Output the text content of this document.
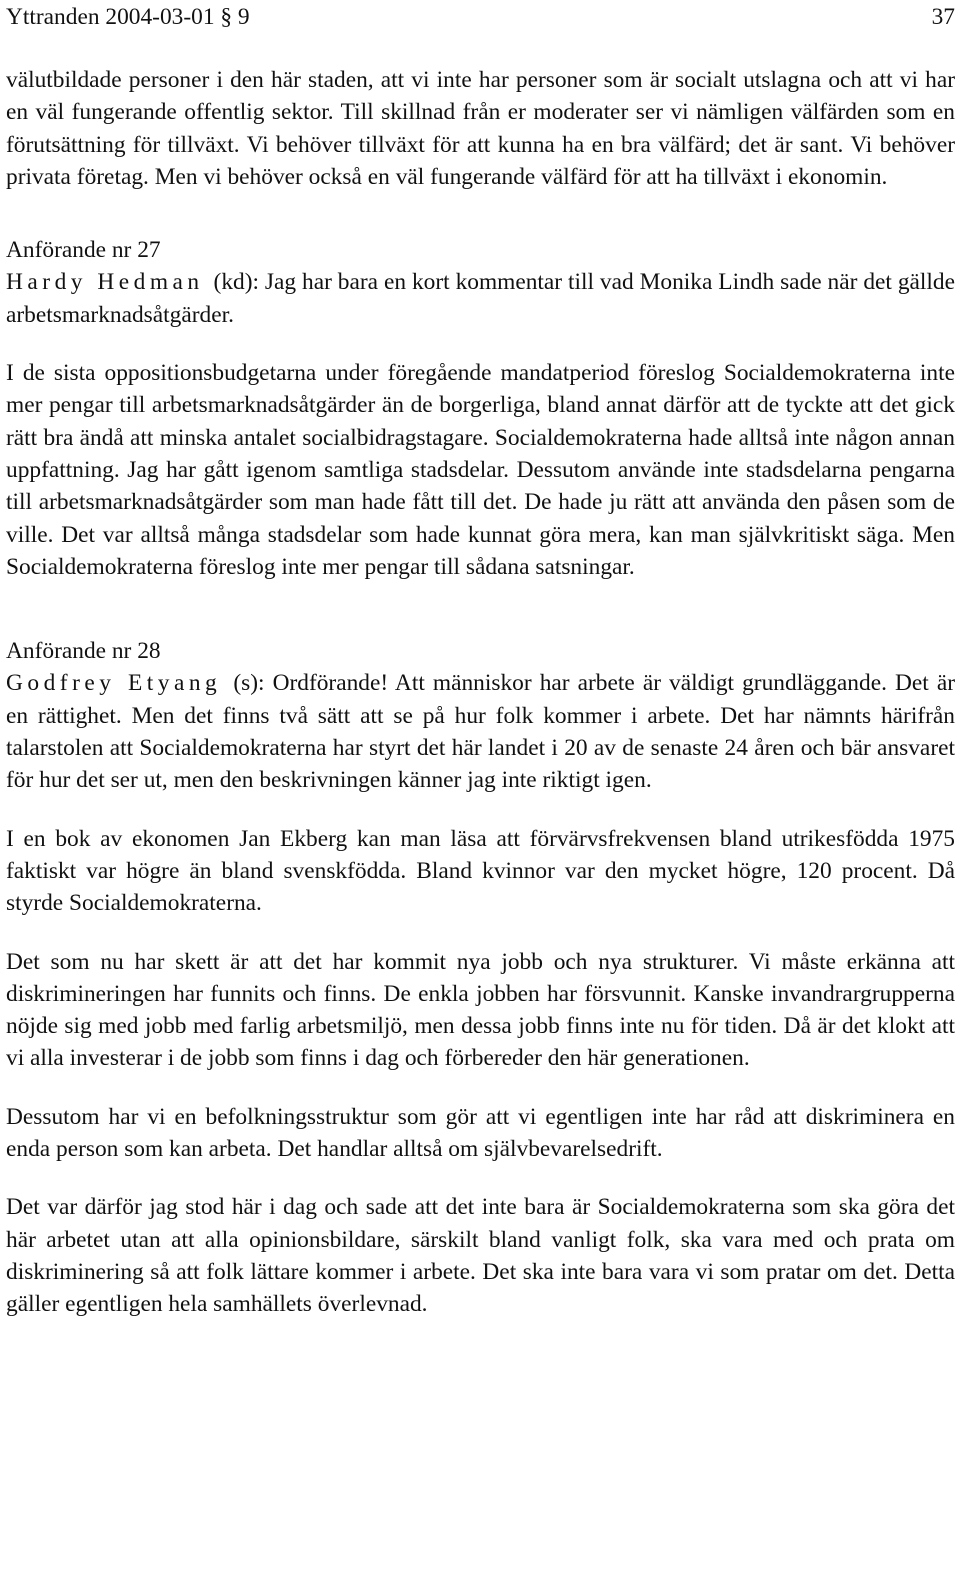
Yttranden 2004-03-01 § 9	37

välutbildade personer i den här staden, att vi inte har personer som är socialt utslagna och att vi har en väl fungerande offentlig sektor. Till skillnad från er moderater ser vi nämligen välfärden som en förutsättning för tillväxt. Vi behöver tillväxt för att kunna ha en bra välfärd; det är sant. Vi behöver privata företag. Men vi behöver också en väl fungerande välfärd för att ha tillväxt i ekonomin.

Anförande nr 27

Hardy Hedman (kd): Jag har bara en kort kommentar till vad Monika Lindh sade när det gällde arbetsmarknadsåtgärder.

I de sista oppositionsbudgetarna under föregående mandatperiod föreslog Socialdemokraterna inte mer pengar till arbetsmarknadsåtgärder än de borgerliga, bland annat därför att de tyckte att det gick rätt bra ändå att minska antalet socialbidragstagare. Socialdemokraterna hade alltså inte någon annan uppfattning. Jag har gått igenom samtliga stadsdelar. Dessutom använde inte stadsdelarna pengarna till arbetsmarknadsåtgärder som man hade fått till det. De hade ju rätt att använda den påsen som de ville. Det var alltså många stadsdelar som hade kunnat göra mera, kan man självkritiskt säga. Men Socialdemokraterna föreslog inte mer pengar till sådana satsningar.

Anförande nr 28

Godfrey Etyang (s): Ordförande! Att människor har arbete är väldigt grundläggande. Det är en rättighet. Men det finns två sätt att se på hur folk kommer i arbete. Det har nämnts härifrån talarstolen att Socialdemokraterna har styrt det här landet i 20 av de senaste 24 åren och bär ansvaret för hur det ser ut, men den beskrivningen känner jag inte riktigt igen.

I en bok av ekonomen Jan Ekberg kan man läsa att förvärvsfrekvensen bland utrikesfödda 1975 faktiskt var högre än bland svenskfödda. Bland kvinnor var den mycket högre, 120 procent. Då styrde Socialdemokraterna.

Det som nu har skett är att det har kommit nya jobb och nya strukturer. Vi måste erkänna att diskrimineringen har funnits och finns. De enkla jobben har försvunnit. Kanske invandrargrupperna nöjde sig med jobb med farlig arbetsmiljö, men dessa jobb finns inte nu för tiden. Då är det klokt att vi alla investerar i de jobb som finns i dag och förbereder den här generationen.

Dessutom har vi en befolkningsstruktur som gör att vi egentligen inte har råd att diskriminera en enda person som kan arbeta. Det handlar alltså om självbevarelsedrift.

Det var därför jag stod här i dag och sade att det inte bara är Socialdemokraterna som ska göra det här arbetet utan att alla opinionsbildare, särskilt bland vanligt folk, ska vara med och prata om diskriminering så att folk lättare kommer i arbete. Det ska inte bara vara vi som pratar om det. Detta gäller egentligen hela samhällets överlevnad.
